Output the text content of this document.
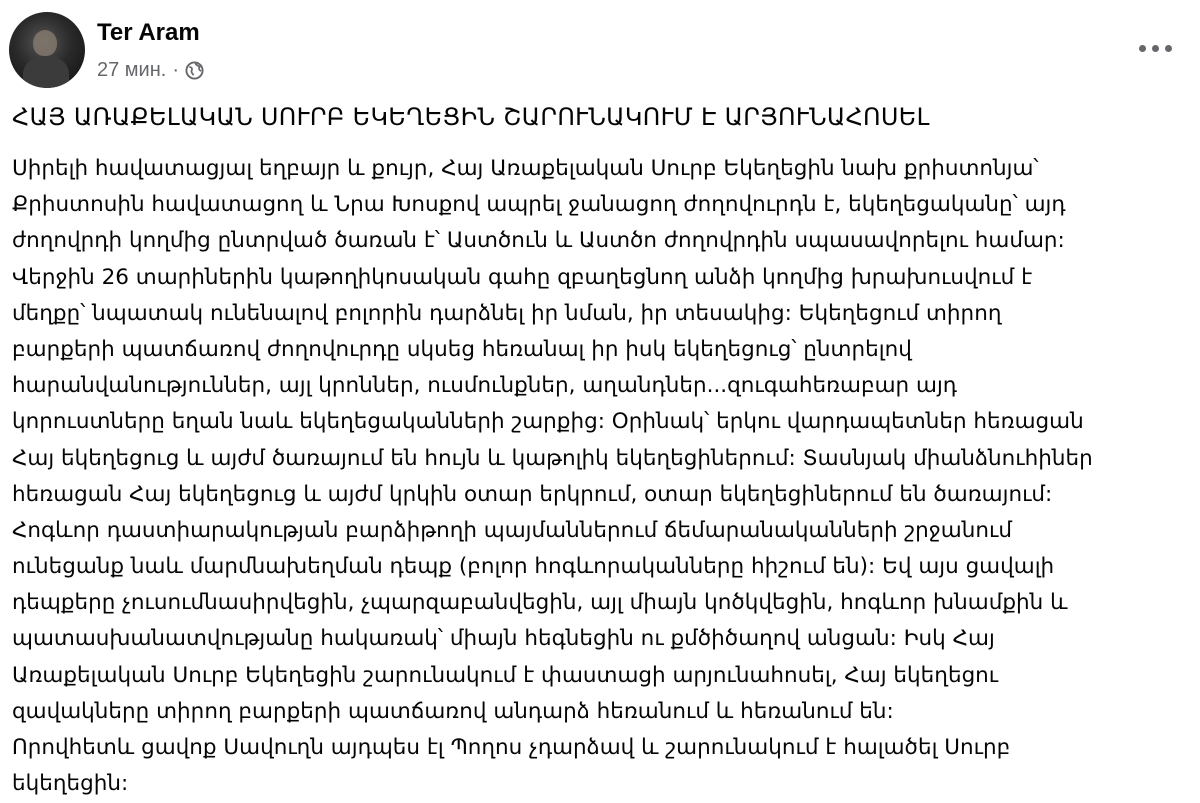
Ter Aram
27 мин. ·
ՀԱՅ ԱՌԱՔԵԼԱԿԱՆ ՍՈՒՐԲ ԵԿԵՂԵՑԻՆ ՇԱՐՈՒՆԱԿՈՒՄ Է ԱՐՅՈՒՆԱՀՈՍԵԼ
Սիրելի հավատացյալ եղբայր և քույր, Հայ Առաքելական Սուրբ Եկեղեցին նախ քրիստոնյա՝
Քրիստոսին հավատացող և Նրա Խոսքով ապրել ջանացող ժողովուրդն է, եկեղեցականը՝ այդ
ժողովրդի կողմից ընտրված ծառան է՝ Աստծուն և Աստծո ժողովրդին սպասավորելու համար:
Վերջին 26 տարիներին կաթողիկոսական գահը զբաղեցնող անձի կողմից խրախուսվում է
մեղքը՝ նպատակ ունենալով բոլորին դարձնել իր նման, իր տեսակից: Եկեղեցում տիրող
բարքերի պատճառով ժողովուրդը սկսեց հեռանալ իր իսկ եկեղեցուց՝ ընտրելով
հարանվանություններ, այլ կրոններ, ուսմունքներ, աղանդներ...զուգահեռաբար այդ
կորուստները եղան նաև եկեղեցականների շարքից: Օրինակ՝ երկու վարդապետներ հեռացան
Հայ եկեղեցուց և այժմ ծառայում են հույն և կաթոլիկ եկեղեցիներում: Տասնյակ միանձնուհիներ
հեռացան Հայ եկեղեցուց և այժմ կրկին օտար երկրում, օտար եկեղեցիներում են ծառայում:
Հոգևոր դաստիարակության բարձիթողի պայմաններում ճեմարանականների շրջանում
ունեցանք նաև մարմնախեղման դեպք (բոլոր հոգևորականները հիշում են): Եվ այս ցավալի
դեպքերը չուսումնասիրվեցին, չպարզաբանվեցին, այլ միայն կոծկվեցին, հոգևոր խնամքին և
պատասխանատվությանը հակառակ՝ միայն հեգնեցին ու քմծիծաղով անցան: Իսկ Հայ
Առաքելական Սուրբ Եկեղեցին շարունակում է փաստացի արյունահոսել, Հայ եկեղեցու
զավակները տիրող բարքերի պատճառով անդարձ հեռանում և հեռանում են:
Որովհետև ցավոք Սավուղն այդպես էլ Պողոս չդարձավ և շարունակում է հալածել Սուրբ
եկեղեցին:
